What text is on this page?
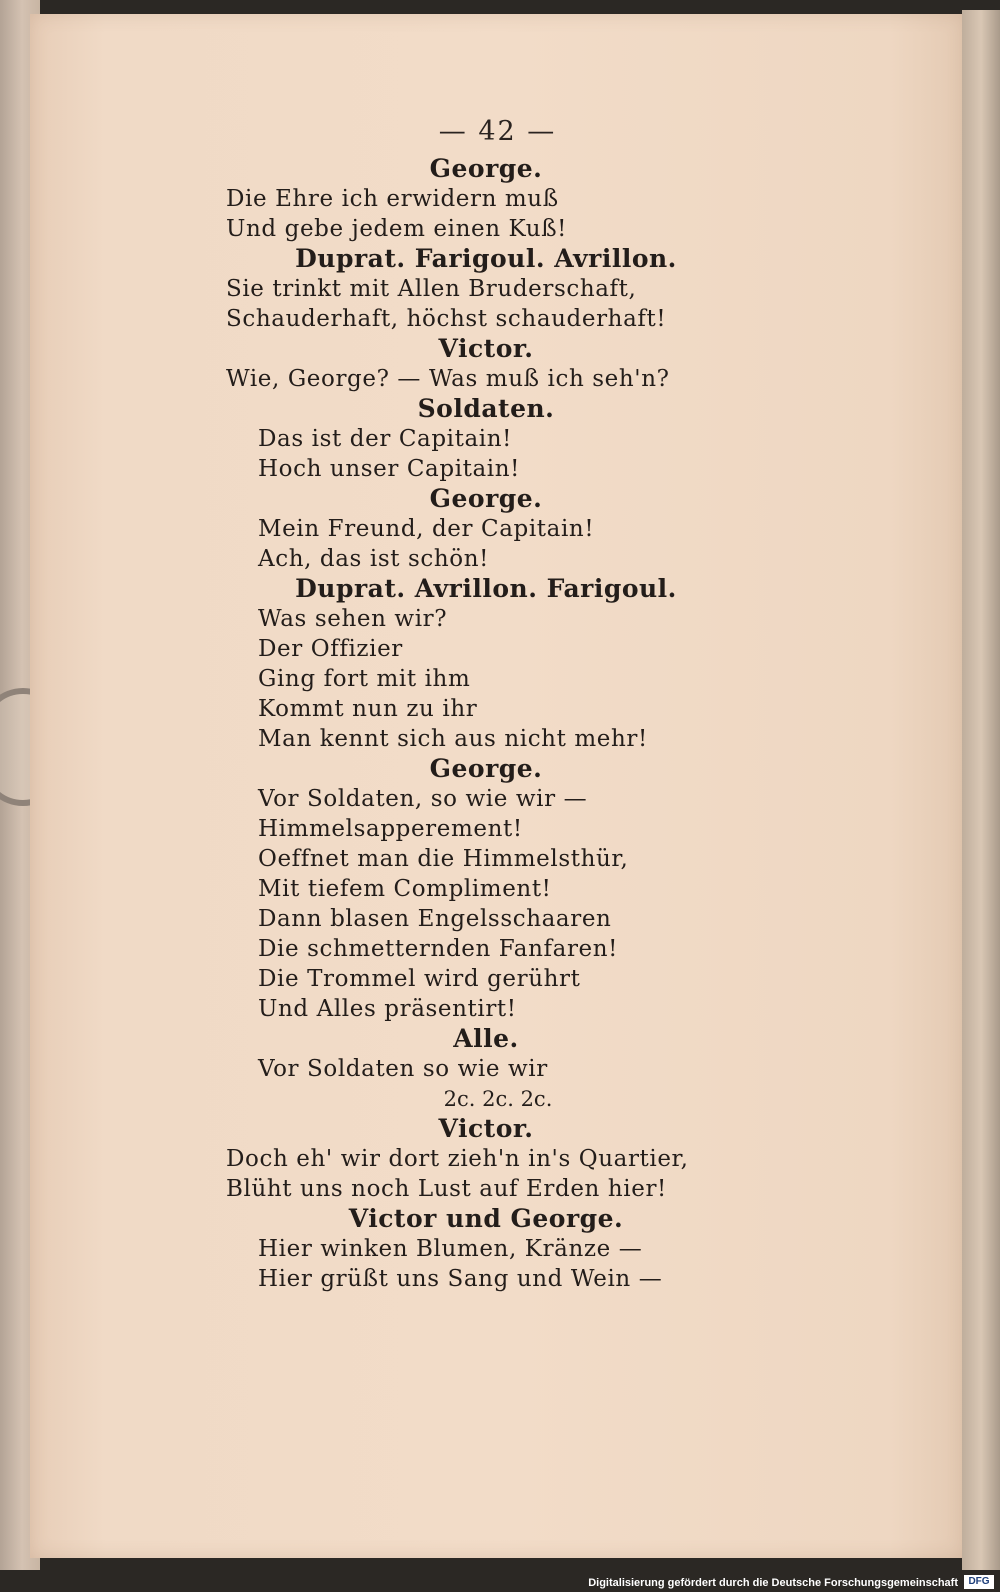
— 42 —
George.
Die Ehre ich erwidern muß
Und gebe jedem einen Kuß!
Duprat. Farigoul. Avrillon.
Sie trinkt mit Allen Bruderschaft,
Schauderhaft, höchst schauderhaft!
Victor.
Wie, George? — Was muß ich seh'n?
Soldaten.
Das ist der Capitain!
Hoch unser Capitain!
George.
Mein Freund, der Capitain!
Ach, das ist schön!
Duprat. Avrillon. Farigoul.
Was sehen wir?
Der Offizier
Ging fort mit ihm
Kommt nun zu ihr
Man kennt sich aus nicht mehr!
George.
Vor Soldaten, so wie wir —
Himmelsapperement!
Oeffnet man die Himmelsthür,
Mit tiefem Compliment!
Dann blasen Engelsschaaren
Die schmetternden Fanfaren!
Die Trommel wird gerührt
Und Alles präsentirt!
Alle.
Vor Soldaten so wie wir
2c. 2c. 2c.
Victor.
Doch eh' wir dort zieh'n in's Quartier,
Blüht uns noch Lust auf Erden hier!
Victor und George.
Hier winken Blumen, Kränze —
Hier grüßt uns Sang und Wein —
Digitalisierung gefördert durch die Deutsche Forschungsgemeinschaft	DFG
